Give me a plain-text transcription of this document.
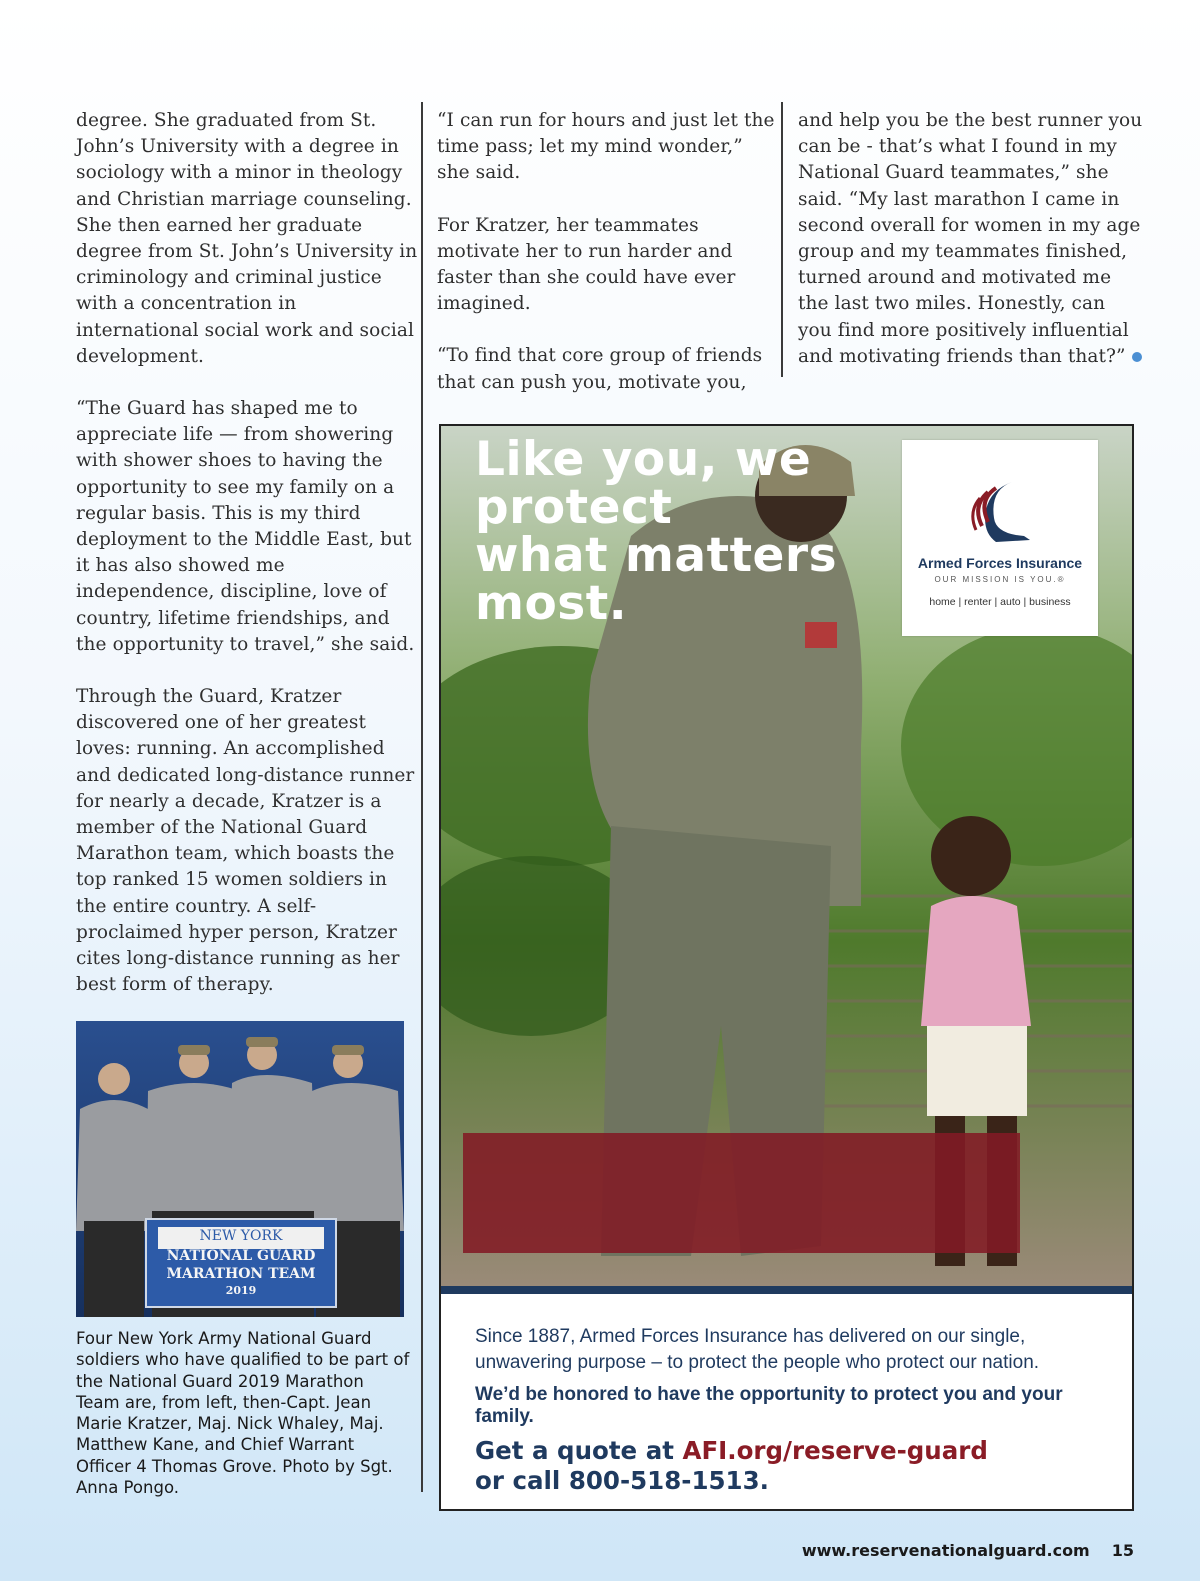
degree. She graduated from St. John’s University with a degree in sociology with a minor in theology and Christian marriage counseling. She then earned her graduate degree from St. John’s University in criminology and criminal justice with a concentration in international social work and social development.

“The Guard has shaped me to appreciate life — from showering with shower shoes to having the opportunity to see my family on a regular basis. This is my third deployment to the Middle East, but it has also showed me independence, discipline, love of country, lifetime friendships, and the opportunity to travel,” she said.

Through the Guard, Kratzer discovered one of her greatest loves: running. An accomplished and dedicated long-distance runner for nearly a decade, Kratzer is a member of the National Guard Marathon team, which boasts the top ranked 15 women soldiers in the entire country. A self-proclaimed hyper person, Kratzer cites long-distance running as her best form of therapy.

“I can run for hours and just let the time pass; let my mind wonder,” she said.

For Kratzer, her teammates motivate her to run harder and faster than she could have ever imagined.

“To find that core group of friends that can push you, motivate you,

and help you be the best runner you can be - that’s what I found in my National Guard teammates,” she said. “My last marathon I came in second overall for women in my age group and my teammates finished, turned around and motivated me the last two miles. Honestly, can you find more positively influential and motivating friends than that?”

NEW YORK
NATIONAL GUARD
MARATHON TEAM
2019
Four New York Army National Guard soldiers who have qualified to be part of the National Guard 2019 Marathon Team are, from left, then-Capt. Jean Marie Kratzer, Maj. Nick Whaley, Maj. Matthew Kane, and Chief Warrant Officer 4 Thomas Grove. Photo by Sgt. Anna Pongo.
Armed Forces Insurance
OUR MISSION IS YOU.®
home | renter | auto | business
Like you, we protect
what matters most.
Since 1887, Armed Forces Insurance has delivered on our single, unwavering purpose – to protect the people who protect our nation.
We’d be honored to have the opportunity to protect you and your family.
Get a quote at AFI.org/reserve-guard
or call 800-518-1513.
www.reservenationalguard.com 15
